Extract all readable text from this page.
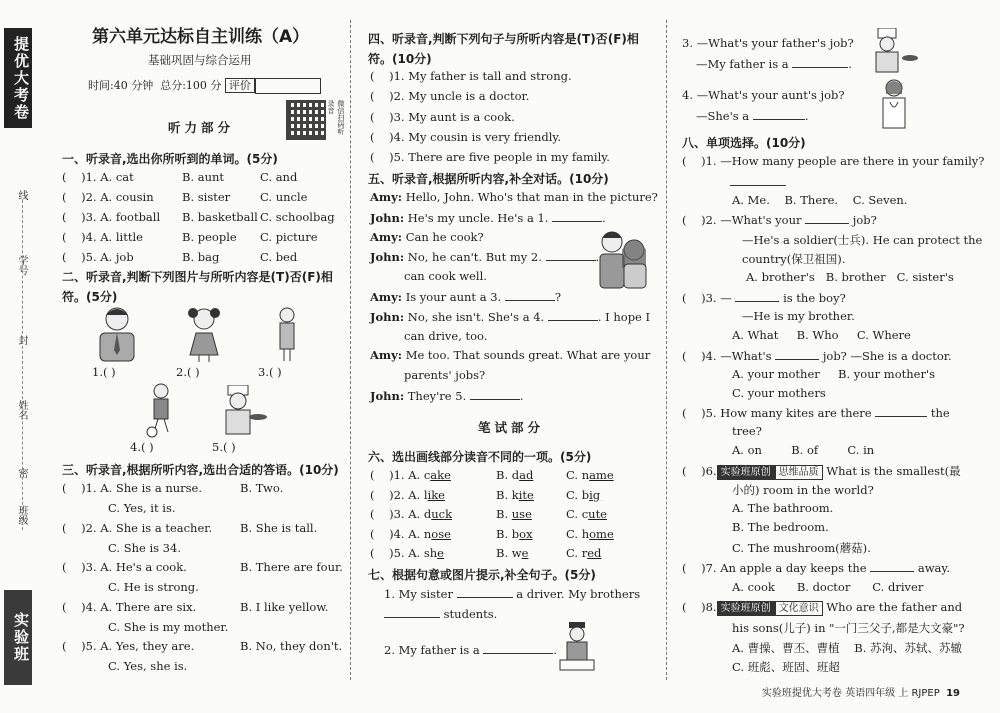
提优大考卷
线
学号
封
姓名
密
班级
实验班
第六单元达标自主训练（A）
基础巩固与综合运用
时间:40 分钟 总分:100 分 评价
微信扫码听录音
听力部分
一、听录音,选出你所听到的单词。(5分)
(    )1. A. cat	B. aunt	C. and
(    )2. A. cousin B. sister	C. uncle
(    )3. A. football B. basketball C. schoolbag
(    )4. A. little	B. people C. picture
(    )5. A. job	B. bag	C. bed
二、听录音,判断下列图片与所听内容是(T)否(F)相
符。(5分)
1.( )	2.( )	3.( )
4.( )	5.( )
三、听录音,根据所听内容,选出合适的答语。(10分)
(    )1. A. She is a nurse.	B. Two.
C. Yes, it is.
(    )2. A. She is a teacher. B. She is tall.
C. She is 34.
(    )3. A. He's a cook.	B. There are four.
C. He is strong.
(    )4. A. There are six.	B. I like yellow.
C. She is my mother.
(    )5. A. Yes, they are.	B. No, they don't.
C. Yes, she is.
四、听录音,判断下列句子与所听内容是(T)否(F)相
符。(10分)
(    )1. My father is tall and strong.
(    )2. My uncle is a doctor.
(    )3. My aunt is a cook.
(    )4. My cousin is very friendly.
(    )5. There are five people in my family.
五、听录音,根据所听内容,补全对话。(10分)
Amy: Hello, John. Who's that man in the picture?
John: He's my uncle. He's a 1.	.
Amy: Can he cook?
John: No, he can't. But my 2.	.
can cook well.
Amy: Is your aunt a 3.	?
John: No, she isn't. She's a 4.	. I hope I
can drive, too.
Amy: Me too. That sounds great. What are your
parents' jobs?
John: They're 5.	.
笔试部分
六、选出画线部分读音不同的一项。(5分)
(    )1. A. cake	B. dad	C. name
(    )2. A. like	B. kite	C. big
(    )3. A. duck	B. use	C. cute
(    )4. A. nose	B. box	C. home
(    )5. A. she	B. we	C. red
七、根据句意或图片提示,补全句子。(5分)
1. My sister	a driver. My brothers
students.
2. My father is a	.
3. —What's your father's job?
—My father is a	.
4. —What's your aunt's job?
—She's a	.
八、单项选择。(10分)
(    )1. —How many people are there in your family?
A. Me. B. There. C. Seven.
(    )2. —What's your	job?
—He's a soldier(士兵). He can protect the
country(保卫祖国).
A. brother's B. brother C. sister's
(    )3. —	is the boy?
—He is my brother.
A. What B. Who C. Where
(    )4. —What's	job? —She is a doctor.
A. your mother B. your mother's
C. your mothers
(    )5. How many kites are there	the
tree?
A. on	B. of	C. in
(    )6. 实验班原创 思维品质 What is the smallest(最
小的) room in the world?
A. The bathroom.
B. The bedroom.
C. The mushroom(蘑菇).
(    )7. An apple a day keeps the	away.
A. cook B. doctor C. driver
(    )8. 实验班原创 文化意识 Who are the father and
his sons(儿子) in "一门三父子,都是大文豪"?
A. 曹操、曹丕、曹植 B. 苏洵、苏轼、苏辙
C. 班彪、班固、班超
实验班提优大考卷 英语四年级 上 RJPEP 19
